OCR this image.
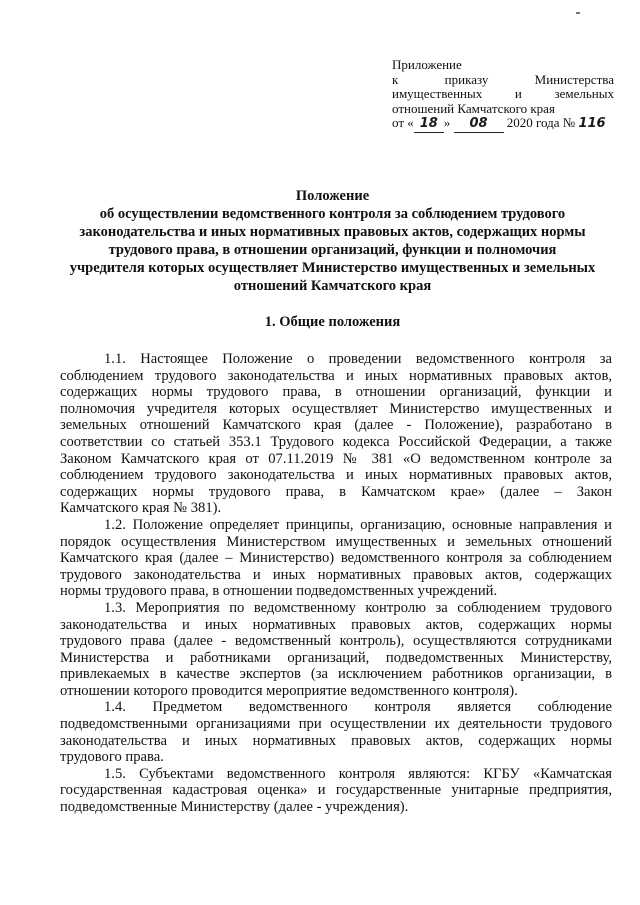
Приложение
к	приказу	Министерства
имущественных	и	земельных
отношений Камчатского края
от « 18 » 08 2020 года № 116
Положение
об осуществлении ведомственного контроля за соблюдением трудового
законодательства и иных нормативных правовых актов, содержащих нормы
трудового права, в отношении организаций, функции и полномочия
учредителя которых осуществляет Министерство имущественных и земельных
отношений Камчатского края
1. Общие положения

1.1. Настоящее Положение о проведении ведомственного контроля за
соблюдением трудового законодательства и иных нормативных правовых актов,
содержащих нормы трудового права, в отношении организаций, функции и
полномочия учредителя которых осуществляет Министерство имущественных и
земельных отношений Камчатского края (далее - Положение), разработано в
соответствии со статьей 353.1 Трудового кодекса Российской Федерации, а также
Законом Камчатского края от 07.11.2019 № 381 «О ведомственном контроле за
соблюдением трудового законодательства и иных нормативных правовых актов,
содержащих нормы трудового права, в Камчатском крае» (далее – Закон
Камчатского края № 381).

1.2. Положение определяет принципы, организацию, основные направления и
порядок осуществления Министерством имущественных и земельных отношений
Камчатского края (далее – Министерство) ведомственного контроля за соблюдением
трудового законодательства и иных нормативных правовых актов, содержащих
нормы трудового права, в отношении подведомственных учреждений.

1.3. Мероприятия по ведомственному контролю за соблюдением трудового
законодательства и иных нормативных правовых актов, содержащих нормы
трудового права (далее - ведомственный контроль), осуществляются сотрудниками
Министерства и работниками организаций, подведомственных Министерству,
привлекаемых в качестве экспертов (за исключением работников организации, в
отношении которого проводится мероприятие ведомственного контроля).

1.4. Предметом ведомственного контроля является соблюдение
подведомственными организациями при осуществлении их деятельности трудового
законодательства и иных нормативных правовых актов, содержащих нормы
трудового права.

1.5. Субъектами ведомственного контроля являются: КГБУ «Камчатская
государственная кадастровая оценка» и государственные унитарные предприятия,
подведомственные Министерству (далее - учреждения).
